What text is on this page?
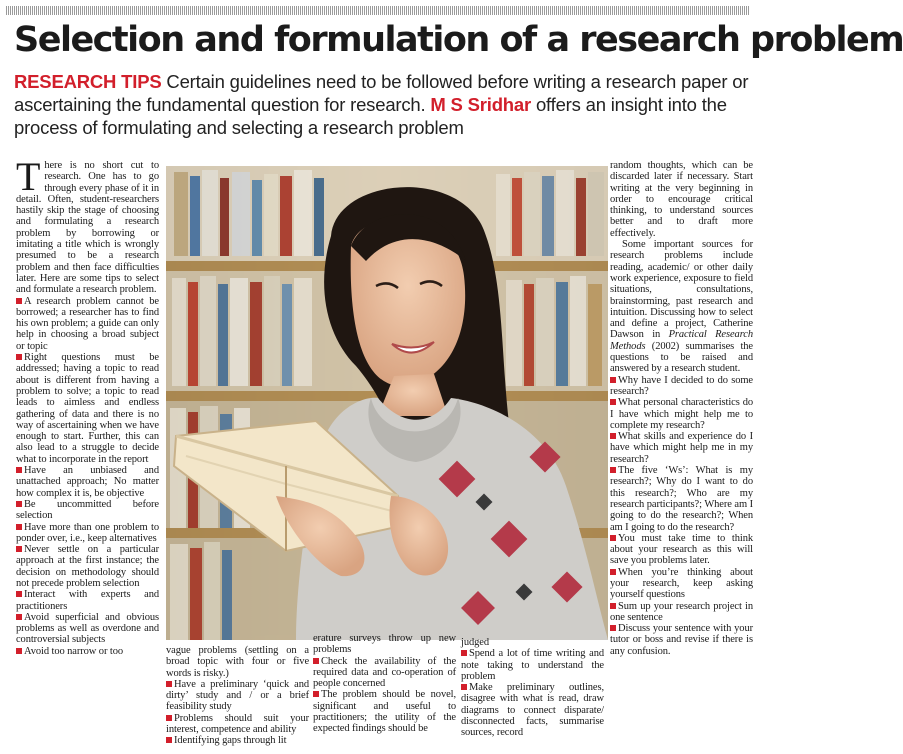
Selection and formulation of a research problem

RESEARCH TIPS Certain guidelines need to be followed before writing a research paper or ascertaining the fundamental question for research. M S Sridhar offers an insight into the process of formulating and selecting a research problem

There is no short cut to research. One has to go through every phase of it in detail. Often, student-researchers hastily skip the stage of choosing and formulating a research problem by borrowing or imitating a title which is wrongly presumed to be a research problem and then face difficulties later. Here are some tips to select and formulate a research problem.

A research problem cannot be borrowed; a researcher has to find his own problem; a guide can only help in choosing a broad subject or topic

Right questions must be addressed; having a topic to read about is different from having a problem to solve; a topic to read leads to aimless and endless gathering of data and there is no way of ascertaining when we have enough to start. Further, this can also lead to a struggle to decide what to incorporate in the report

Have an unbiased and unattached approach; No matter how complex it is, be objective

Be uncommitted before selection

Have more than one problem to ponder over, i.e., keep alternatives

Never settle on a particular approach at the first instance; the decision on methodology should not precede problem selection

Interact with experts and practitioners

Avoid superficial and obvious problems as well as overdone and controversial subjects

Avoid too narrow or too	vague problems (settling on a broad topic with four or five words is risky.)

Have a preliminary ‘quick and dirty’ study and / or a brief feasibility study

Problems should suit your interest, competence and ability

Identifying gaps through lit

erature surveys throw up new problems

Check the availability of the required data and co-operation of people concerned

The problem should be novel, significant and useful to practitioners; the utility of the expected findings should be

judged

Spend a lot of time writing and note taking to understand the problem

Make preliminary outlines, disagree with what is read, draw diagrams to connect disparate/ disconnected facts, summarise sources, record

random thoughts, which can be discarded later if necessary. Start writing at the very beginning in order to encourage critical thinking, to understand sources better and to draft more effectively.

Some important sources for research problems include reading, academic/ or other daily work experience, exposure to field situations, consultations, brainstorming, past research and intuition. Discussing how to select and define a project, Catherine Dawson in Practical Research Methods (2002) summarises the questions to be raised and answered by a research student.

Why have I decided to do some research?

What personal characteristics do I have which might help me to complete my research?

What skills and experience do I have which might help me in my research?

The five ‘Ws’: What is my research?; Why do I want to do this research?; Who are my research participants?; Where am I going to do the research?; When am I going to do the research?

You must take time to think about your research as this will save you problems later.

When you’re thinking about your research, keep asking yourself questions

Sum up your research project in one sentence

Discuss your sentence with your tutor or boss and revise if there is any confusion.
